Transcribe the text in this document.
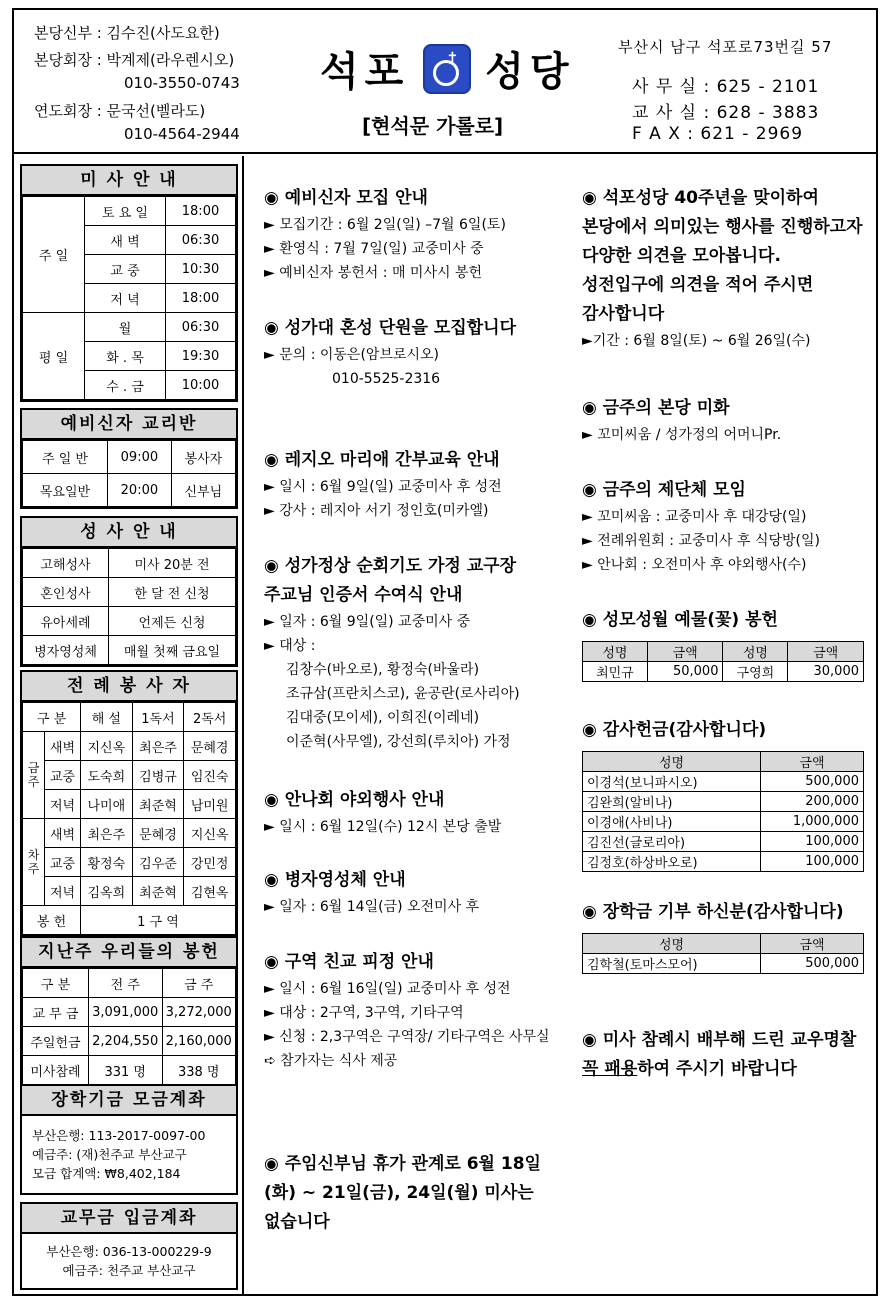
본당신부 : 김수진(사도요한)
본당회장 : 박계제(라우렌시오)
010-3550-0743
연도회장 : 문국선(벨라도)
010-4564-2944
석포	✝ 성당
[현석문 가롤로]
부산시 남구 석포로73번길 57
사 무 실 : 625 - 2101
교 사 실 : 628 - 3883
F A X : 621 - 2969
미 사 안 내
주 일	토 요 일	18:00
	새 벽	06:30
	교 중	10:30
	저 녁	18:00
평 일	월	06:30
	화 . 목	19:30
	수 . 금	10:00
예비신자 교리반
주 일 반	09:00	봉사자
목요일반	20:00	신부님
성 사 안 내
고해성사	미사 20분 전
혼인성사	한 달 전 신청
유아세례	언제든 신청
병자영성체	매월 첫째 금요일
전 례 봉 사 자
구 분		해 설	1독서	2독서
금주	새벽	지신옥	최은주	문혜경
	교중	도숙희	김병규	임진숙
	저녁	나미애	최준혁	남미원
차주	새벽	최은주	문혜경	지신옥
	교중	황정숙	김우준	강민정
	저녁	김옥희	최준혁	김현옥
봉 헌		1 구 역		
지난주 우리들의 봉헌
구 분	전 주	금 주
교 무 금	3,091,000	3,272,000
주일헌금	2,204,550	2,160,000
미사참례	331 명	338 명
장학기금 모금계좌
부산은행: 113-2017-0097-00
예금주: (재)천주교 부산교구
모금 합계액: ₩8,402,184
교무금 입금계좌
부산은행: 036-13-000229-9
예금주: 천주교 부산교구
◉ 예비신자 모집 안내
► 모집기간 : 6월 2일(일) –7월 6일(토)
► 환영식 : 7월 7일(일) 교중미사 중
► 예비신자 봉헌서 : 매 미사시 봉헌
◉ 성가대 혼성 단원을 모집합니다
► 문의 : 이동은(암브로시오)
010-5525-2316
◉ 레지오 마리애 간부교육 안내
► 일시 : 6월 9일(일) 교중미사 후 성전
► 강사 : 레지아 서기 정인호(미카엘)
◉ 성가정상 순회기도 가정 교구장 주교님 인증서 수여식 안내
► 일자 : 6월 9일(일) 교중미사 중
► 대상 :
김창수(바오로), 황정숙(바울라)
조규삼(프란치스코), 윤공란(로사리아)
김대중(모이세), 이희진(이레네)
이준혁(사무엘), 강선희(루치아) 가정
◉ 안나회 야외행사 안내
► 일시 : 6월 12일(수) 12시 본당 출발
◉ 병자영성체 안내
► 일자 : 6월 14일(금) 오전미사 후
◉ 구역 친교 피정 안내
► 일시 : 6월 16일(일) 교중미사 후 성전
► 대상 : 2구역, 3구역, 기타구역
► 신청 : 2,3구역은 구역장/ 기타구역은 사무실
➪ 참가자는 식사 제공
◉ 주임신부님 휴가 관계로 6월 18일(화) ~ 21일(금), 24일(월) 미사는 없습니다
◉ 석포성당 40주년을 맞이하여 본당에서 의미있는 행사를 진행하고자 다양한 의견을 모아봅니다. 성전입구에 의견을 적어 주시면 감사합니다
►기간 : 6월 8일(토) ~ 6월 26일(수)
◉ 금주의 본당 미화
► 꼬미씨움 / 성가정의 어머니Pr.
◉ 금주의 제단체 모임
► 꼬미씨움 : 교중미사 후 대강당(일)
► 전례위원회 : 교중미사 후 식당방(일)
► 안나회 : 오전미사 후 야외행사(수)
◉ 성모성월 예물(꽃) 봉헌
성명	금액	성명	금액
최민규	50,000	구영희	30,000
◉ 감사헌금(감사합니다)
성명	금액
이경석(보니파시오)	500,000
김완희(알비나)	200,000
이경애(사비나)	1,000,000
김진선(글로리아)	100,000
김정호(하상바오로)	100,000
◉ 장학금 기부 하신분(감사합니다)
성명	금액
김학철(토마스모어)	500,000
◉ 미사 참례시 배부해 드린 교우명찰 꼭 패용하여 주시기 바랍니다
